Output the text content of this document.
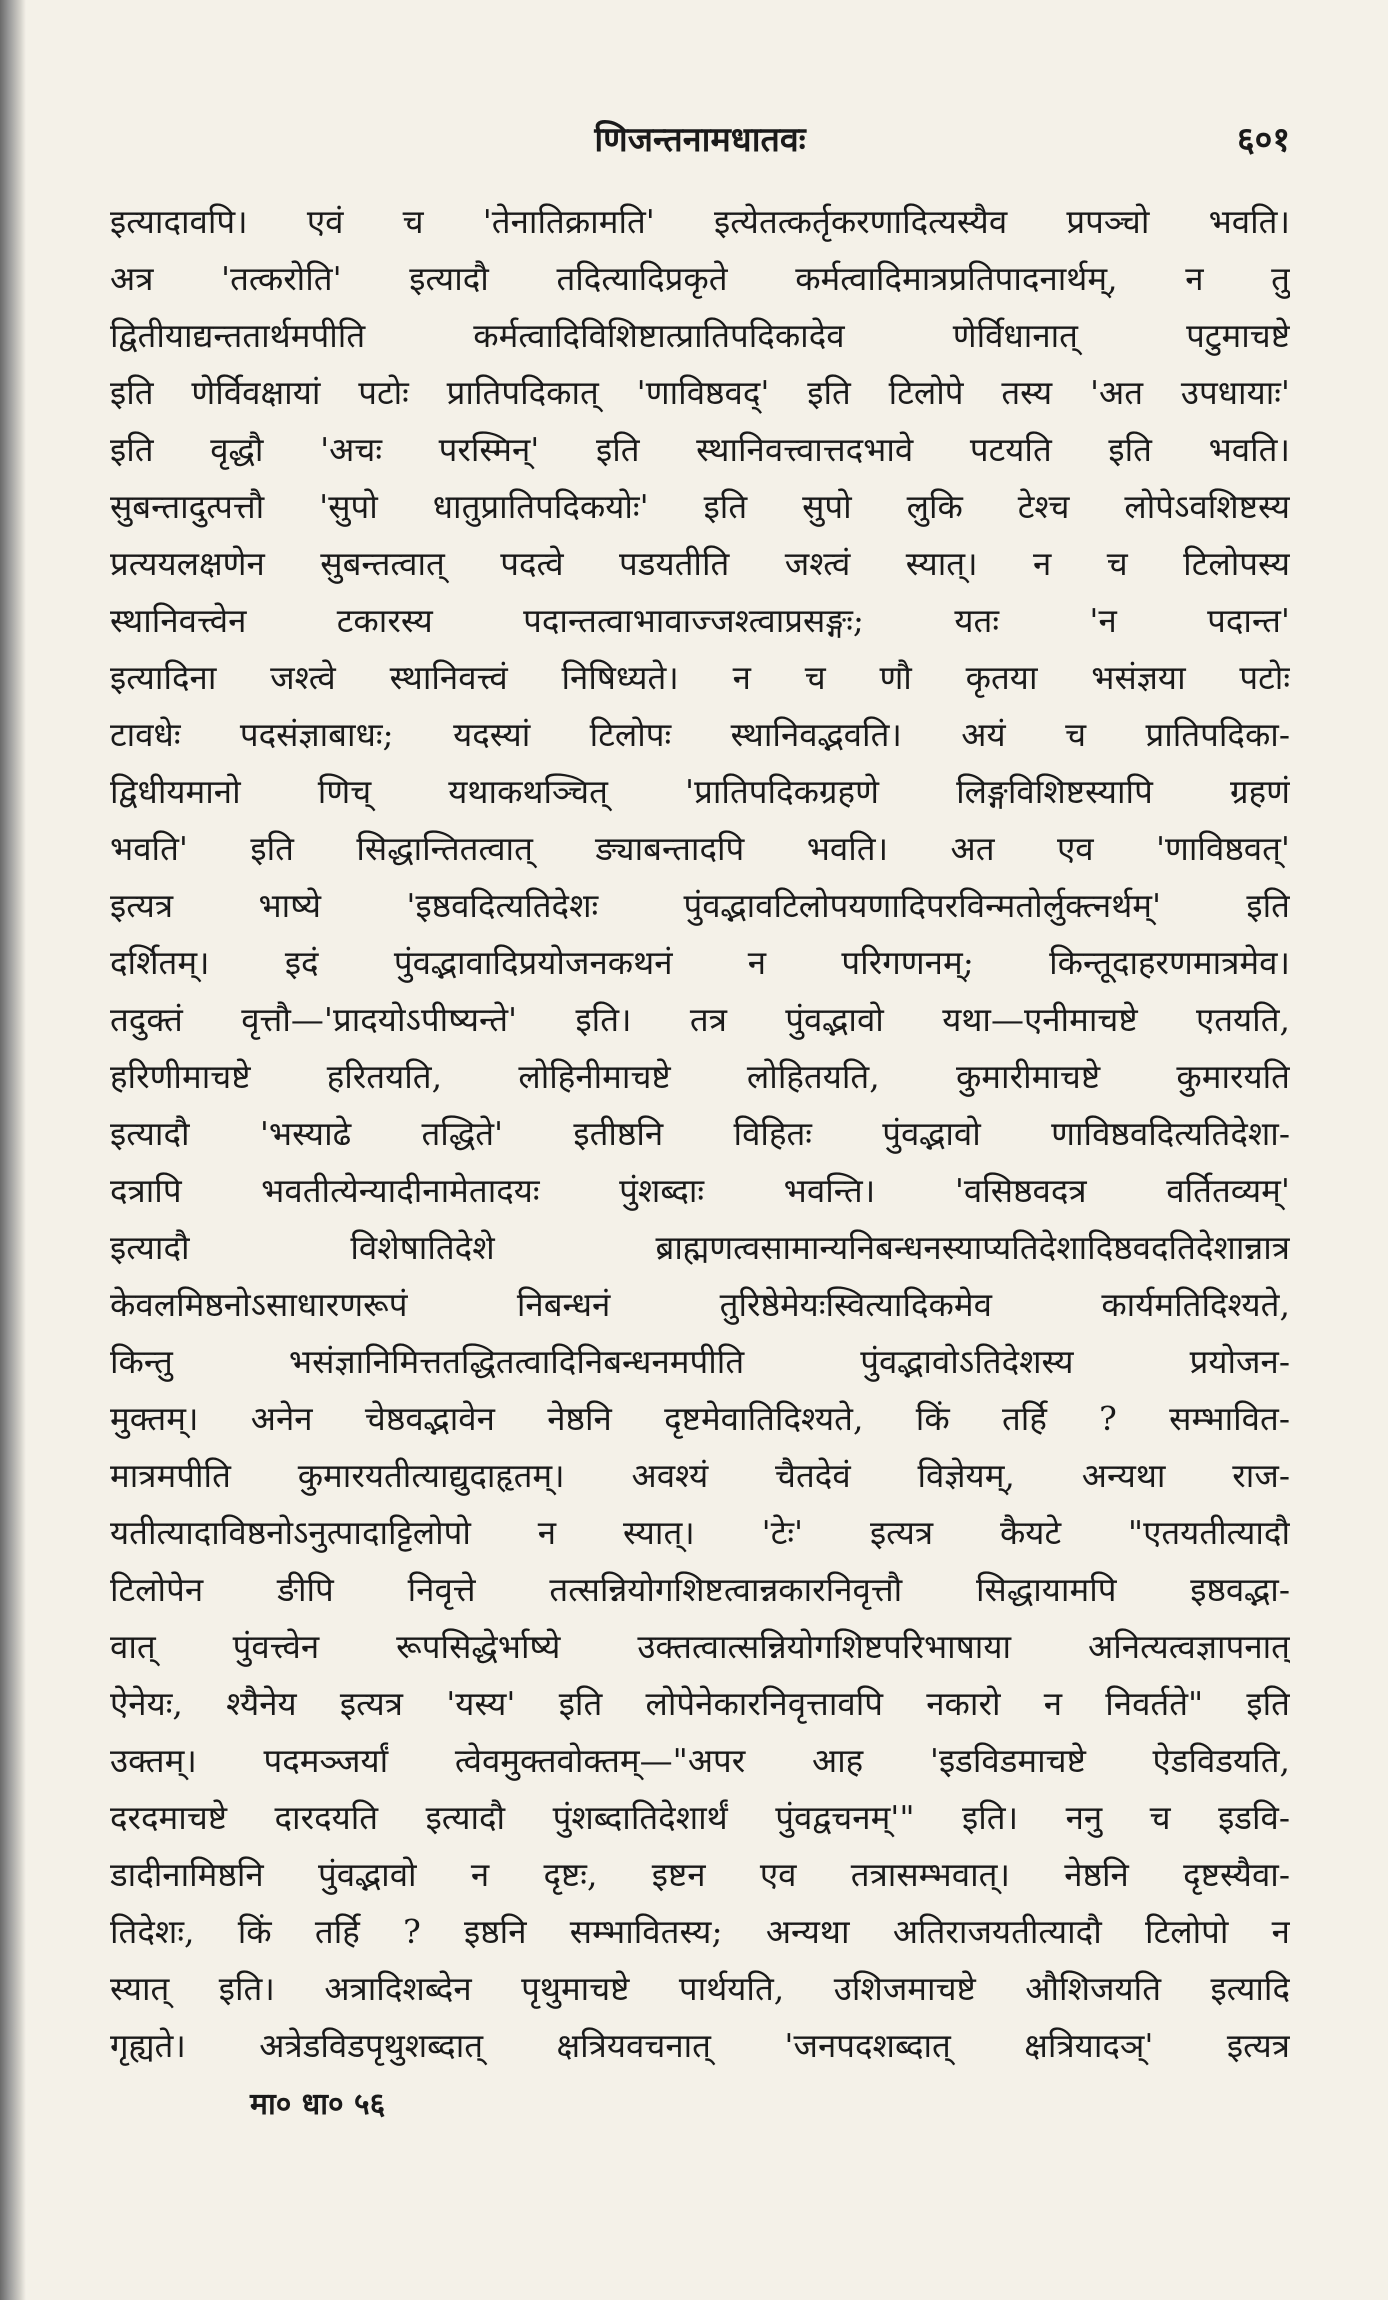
णिजन्तनामधातवः	६०१
इत्यादावपि। एवं च 'तेनातिक्रामति' इत्येतत्कर्तृकरणादित्यस्यैव प्रपञ्चो भवति।
अत्र 'तत्करोति' इत्यादौ तदित्यादिप्रकृते कर्मत्वादिमात्रप्रतिपादनार्थम्, न तु
द्वितीयाद्यन्ततार्थमपीति कर्मत्वादिविशिष्टात्प्रातिपदिकादेव णेर्विधानात् पटुमाचष्टे
इति णेर्विवक्षायां पटोः प्रातिपदिकात् 'णाविष्ठवद्' इति टिलोपे तस्य 'अत उपधायाः'
इति वृद्धौ 'अचः परस्मिन्' इति स्थानिवत्त्वात्तदभावे पटयति इति भवति।
सुबन्तादुत्पत्तौ 'सुपो धातुप्रातिपदिकयोः' इति सुपो लुकि टेश्च लोपेऽवशिष्टस्य
प्रत्ययलक्षणेन सुबन्तत्वात् पदत्वे पडयतीति जश्त्वं स्यात्। न च टिलोपस्य
स्थानिवत्त्वेन टकारस्य पदान्तत्वाभावाज्जश्त्वाप्रसङ्गः; यतः 'न पदान्त'
इत्यादिना जश्त्वे स्थानिवत्त्वं निषिध्यते। न च णौ कृतया भसंज्ञया पटोः
टावधेः पदसंज्ञाबाधः; यदस्यां टिलोपः स्थानिवद्भवति। अयं च प्रातिपदिका-
द्विधीयमानो णिच् यथाकथञ्चित् 'प्रातिपदिकग्रहणे लिङ्गविशिष्टस्यापि ग्रहणं
भवति' इति सिद्धान्तितत्वात् ङ्याबन्तादपि भवति। अत एव 'णाविष्ठवत्'
इत्यत्र भाष्ये 'इष्ठवदित्यतिदेशः पुंवद्भावटिलोपयणादिपरविन्मतोर्लुक्त्नर्थम्' इति
दर्शितम्। इदं पुंवद्भावादिप्रयोजनकथनं न परिगणनम्; किन्तूदाहरणमात्रमेव।
तदुक्तं वृत्तौ—'प्रादयोऽपीष्यन्ते' इति। तत्र पुंवद्भावो यथा—एनीमाचष्टे एतयति,
हरिणीमाचष्टे हरितयति, लोहिनीमाचष्टे लोहितयति, कुमारीमाचष्टे कुमारयति
इत्यादौ 'भस्याढे तद्धिते' इतीष्ठनि विहितः पुंवद्भावो णाविष्ठवदित्यतिदेशा-
दत्रापि भवतीत्येन्यादीनामेतादयः पुंशब्दाः भवन्ति। 'वसिष्ठवदत्र वर्तितव्यम्'
इत्यादौ विशेषातिदेशे ब्राह्मणत्वसामान्यनिबन्धनस्याप्यतिदेशादिष्ठवदतिदेशान्नात्र
केवलमिष्ठनोऽसाधारणरूपं निबन्धनं तुरिष्ठेमेयःस्वित्यादिकमेव कार्यमतिदिश्यते,
किन्तु भसंज्ञानिमित्ततद्धितत्वादिनिबन्धनमपीति पुंवद्भावोऽतिदेशस्य प्रयोजन-
मुक्तम्। अनेन चेष्ठवद्भावेन नेष्ठनि दृष्टमेवातिदिश्यते, किं तर्हि ? सम्भावित-
मात्रमपीति कुमारयतीत्याद्युदाहृतम्। अवश्यं चैतदेवं विज्ञेयम्, अन्यथा राज-
यतीत्यादाविष्ठनोऽनुत्पादाट्टिलोपो न स्यात्। 'टेः' इत्यत्र कैयटे "एतयतीत्यादौ
टिलोपेन ङीपि निवृत्ते तत्सन्नियोगशिष्टत्वान्नकारनिवृत्तौ सिद्धायामपि इष्ठवद्भा-
वात् पुंवत्त्वेन रूपसिद्धेर्भाष्ये उक्तत्वात्सन्नियोगशिष्टपरिभाषाया अनित्यत्वज्ञापनात्
ऐनेयः, श्यैनेय इत्यत्र 'यस्य' इति लोपेनेकारनिवृत्तावपि नकारो न निवर्तते" इति
उक्तम्। पदमञ्जर्यां त्वेवमुक्तवोक्तम्—"अपर आह 'इडविडमाचष्टे ऐडविडयति,
दरदमाचष्टे दारदयति इत्यादौ पुंशब्दातिदेशार्थं पुंवद्वचनम्'" इति। ननु च इडवि-
डादीनामिष्ठनि पुंवद्भावो न दृष्टः, इष्टन एव तत्रासम्भवात्। नेष्ठनि दृष्टस्यैवा-
तिदेशः, किं तर्हि ? इष्ठनि सम्भावितस्य; अन्यथा अतिराजयतीत्यादौ टिलोपो न
स्यात् इति। अत्रादिशब्देन पृथुमाचष्टे पार्थयति, उशिजमाचष्टे औशिजयति इत्यादि
गृह्यते। अत्रेडविडपृथुशब्दात् क्षत्रियवचनात् 'जनपदशब्दात् क्षत्रियादञ्' इत्यत्र
मा० धा० ५६
